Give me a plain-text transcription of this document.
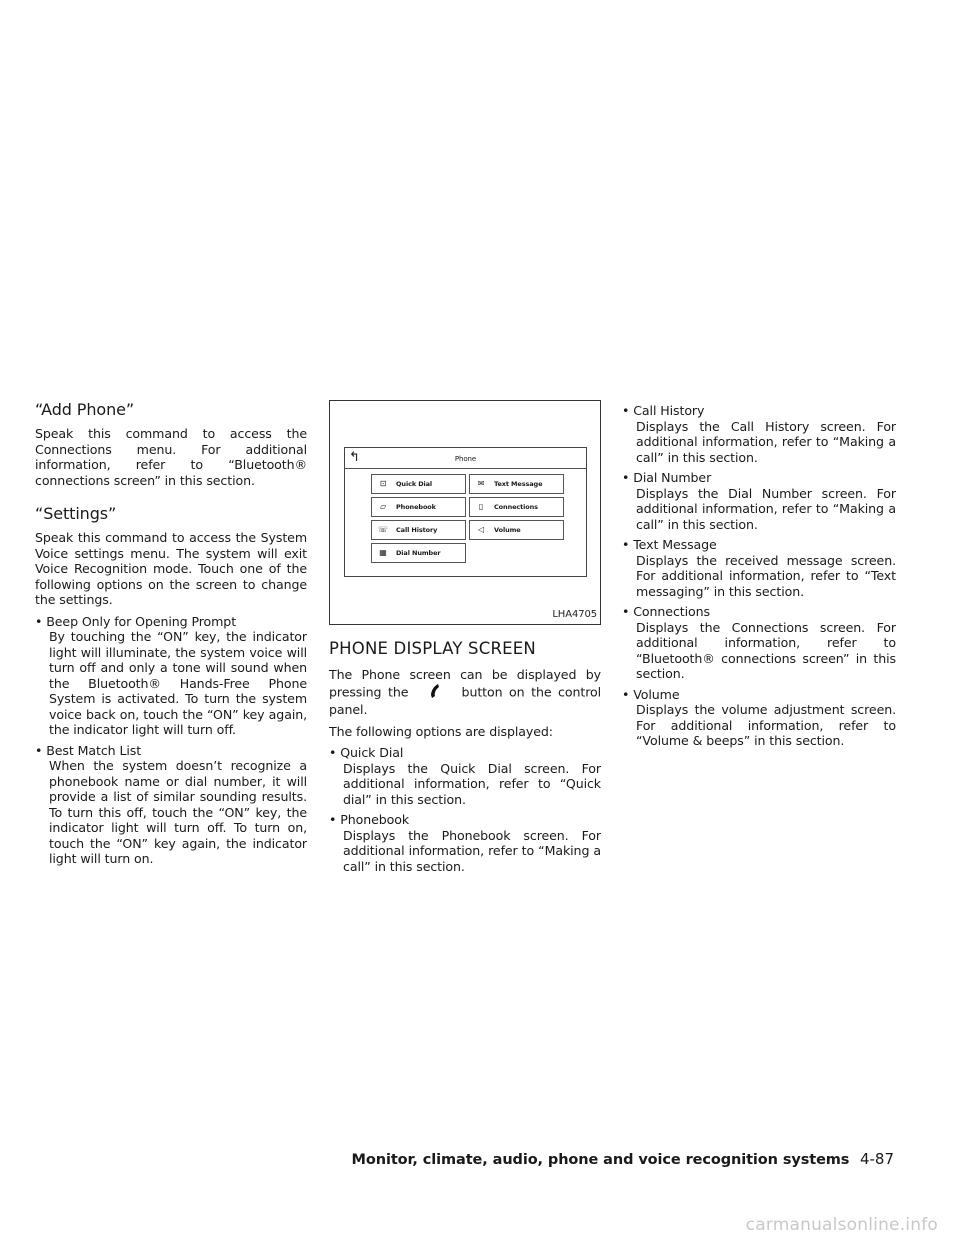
“Add Phone”

Speak this command to access the Connections menu. For additional information, refer to “Bluetooth® connections screen” in this section.

“Settings”

Speak this command to access the System Voice settings menu. The system will exit Voice Recognition mode. Touch one of the following options on the screen to change the settings.

• Beep Only for Opening Prompt
By touching the “ON” key, the indicator light will illuminate, the system voice will turn off and only a tone will sound when the Bluetooth® Hands-Free Phone System is activated. To turn the system voice back on, touch the “ON” key again, the indicator light will turn off.
• Best Match List
When the system doesn’t recognize a phonebook name or dial number, it will provide a list of similar sounding results. To turn this off, touch the “ON” key, the indicator light will turn off. To turn on, touch the “ON” key again, the indicator light will turn on.
↰	Phone
⊡ Quick Dial	✉ Text Message
▱ Phonebook	▯ Connections
☏ Call History	◁ Volume
▦ Dial Number
LHA4705
PHONE DISPLAY SCREEN

The Phone screen can be displayed by pressing the	button on the control panel.

The following options are displayed:

• Quick Dial
Displays the Quick Dial screen. For additional information, refer to “Quick dial” in this section.
• Phonebook
Displays the Phonebook screen. For additional information, refer to “Making a call” in this section.
• Call History
Displays the Call History screen. For additional information, refer to “Making a call” in this section.
• Dial Number
Displays the Dial Number screen. For additional information, refer to “Making a call” in this section.
• Text Message
Displays the received message screen. For additional information, refer to “Text messaging” in this section.
• Connections
Displays the Connections screen. For additional information, refer to “Bluetooth® connections screen” in this section.
• Volume
Displays the volume adjustment screen. For additional information, refer to “Volume & beeps” in this section.
Monitor, climate, audio, phone and voice recognition systems 4-87
carmanualsonline.info
